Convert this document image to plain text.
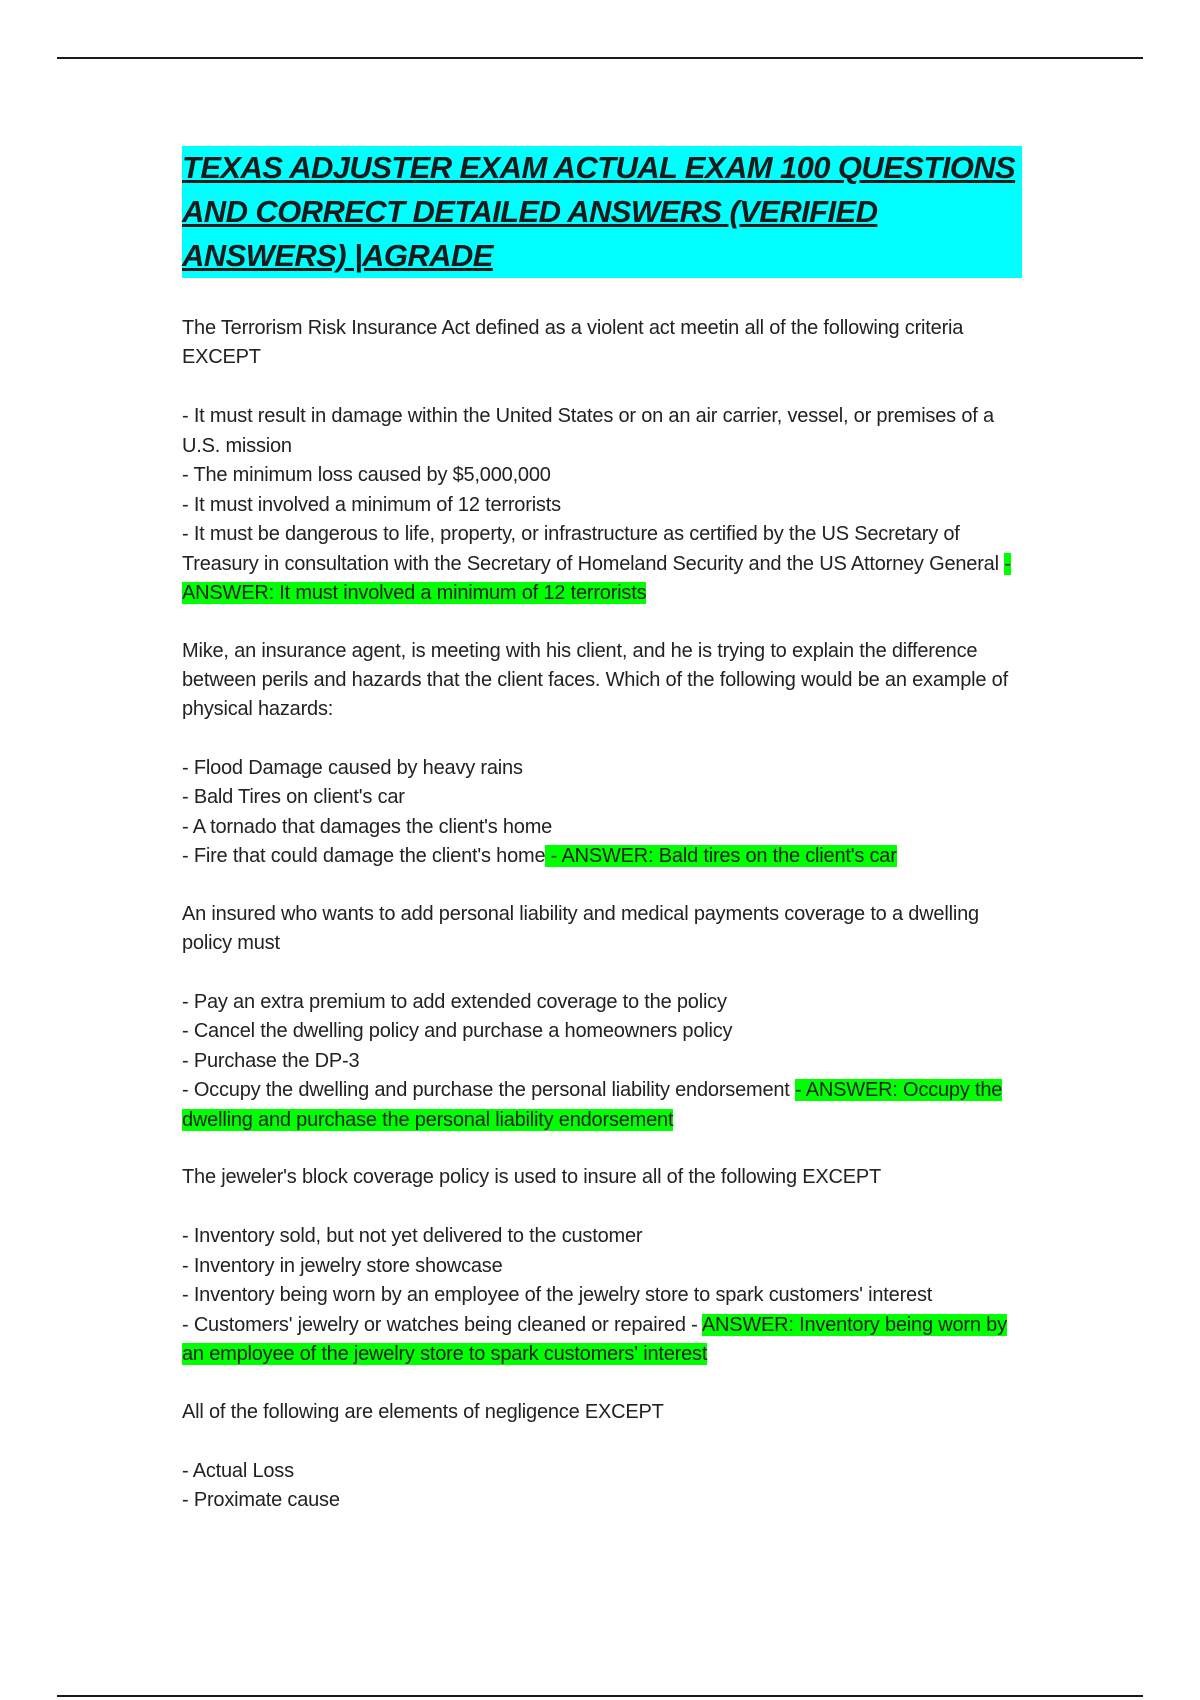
TEXAS ADJUSTER EXAM ACTUAL EXAM 100 QUESTIONS
AND CORRECT DETAILED ANSWERS (VERIFIED
ANSWERS) |AGRADE

The Terrorism Risk Insurance Act defined as a violent act meetin all of the following criteria EXCEPT

- It must result in damage within the United States or on an air carrier, vessel, or premises of a U.S. mission
- The minimum loss caused by $5,000,000
- It must involved a minimum of 12 terrorists
- It must be dangerous to life, property, or infrastructure as certified by the US Secretary of Treasury in consultation with the Secretary of Homeland Security and the US Attorney General - ANSWER: It must involved a minimum of 12 terrorists

Mike, an insurance agent, is meeting with his client, and he is trying to explain the difference between perils and hazards that the client faces. Which of the following would be an example of physical hazards:

- Flood Damage caused by heavy rains
- Bald Tires on client's car
- A tornado that damages the client's home
- Fire that could damage the client's home - ANSWER: Bald tires on the client's car

An insured who wants to add personal liability and medical payments coverage to a dwelling policy must

- Pay an extra premium to add extended coverage to the policy
- Cancel the dwelling policy and purchase a homeowners policy
- Purchase the DP-3
- Occupy the dwelling and purchase the personal liability endorsement - ANSWER: Occupy the dwelling and purchase the personal liability endorsement

The jeweler's block coverage policy is used to insure all of the following EXCEPT

- Inventory sold, but not yet delivered to the customer
- Inventory in jewelry store showcase
- Inventory being worn by an employee of the jewelry store to spark customers' interest
- Customers' jewelry or watches being cleaned or repaired - ANSWER: Inventory being worn by an employee of the jewelry store to spark customers' interest

All of the following are elements of negligence EXCEPT

- Actual Loss
- Proximate cause
